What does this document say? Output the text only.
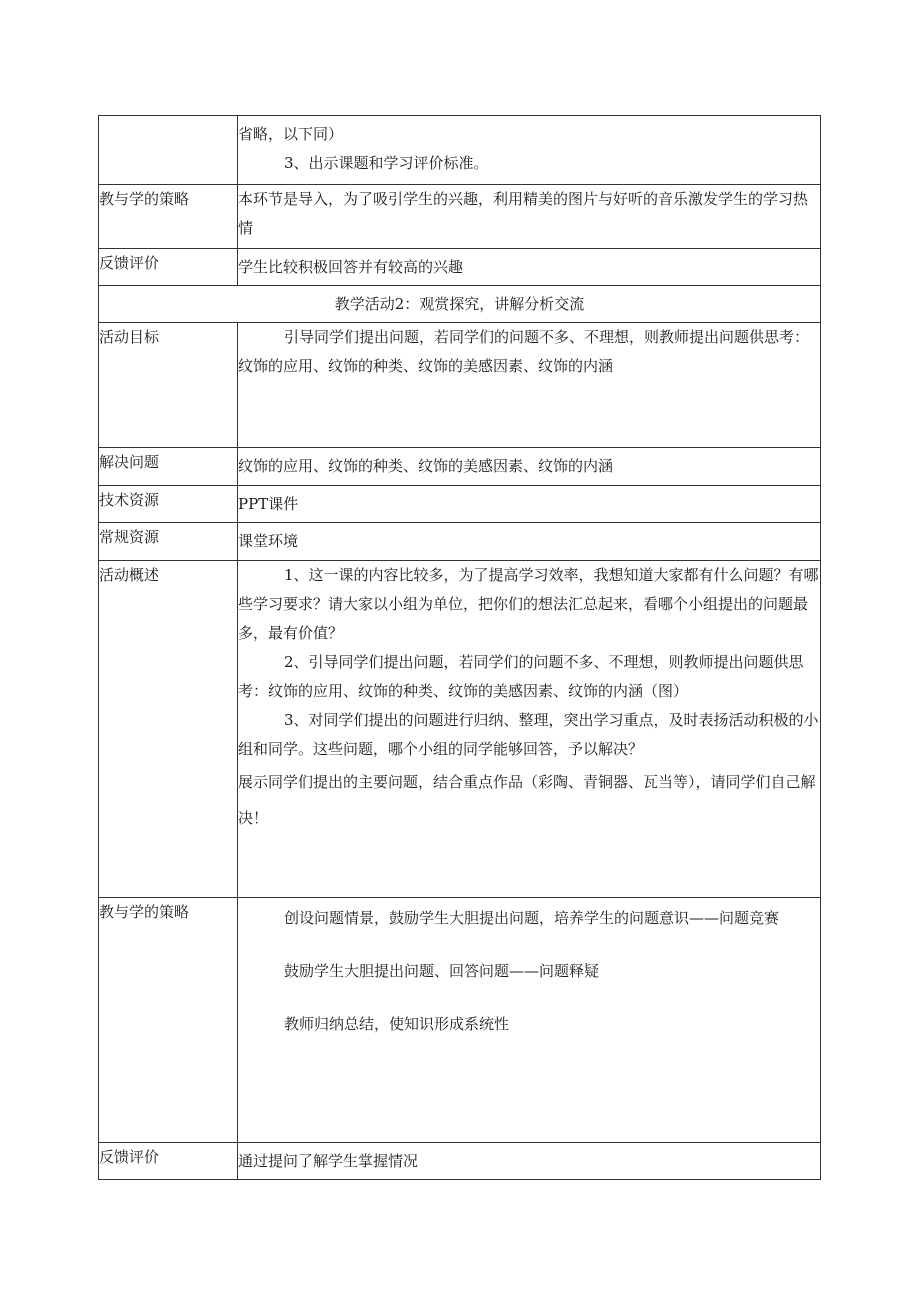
	省略，以下同）
3、出示课题和学习评价标准。

教与学的策略	本环节是导入，为了吸引学生的兴趣，利用精美的图片与好听的音乐激发学生的学习热情
反馈评价	学生比较积极回答并有较高的兴趣
教学活动2：观赏探究，讲解分析交流	
活动目标	引导同学们提出问题，若同学们的问题不多、不理想，则教师提出问题供思考：纹饰的应用、纹饰的种类、纹饰的美感因素、纹饰的内涵
解决问题	纹饰的应用、纹饰的种类、纹饰的美感因素、纹饰的内涵
技术资源	PPT课件
常规资源	课堂环境
活动概述	1、这一课的内容比较多，为了提高学习效率，我想知道大家都有什么问题？有哪些学习要求？请大家以小组为单位，把你们的想法汇总起来，看哪个小组提出的问题最多，最有价值？
2、引导同学们提出问题，若同学们的问题不多、不理想，则教师提出问题供思考：纹饰的应用、纹饰的种类、纹饰的美感因素、纹饰的内涵（图）
3、对同学们提出的问题进行归纳、整理，突出学习重点，及时表扬活动积极的小组和同学。这些问题，哪个小组的同学能够回答，予以解决？
展示同学们提出的主要问题，结合重点作品（彩陶、青铜器、瓦当等），请同学们自己解决！

教与学的策略	创设问题情景，鼓励学生大胆提出问题，培养学生的问题意识——问题竞赛
鼓励学生大胆提出问题、回答问题——问题释疑
教师归纳总结，使知识形成系统性

反馈评价	通过提问了解学生掌握情况
